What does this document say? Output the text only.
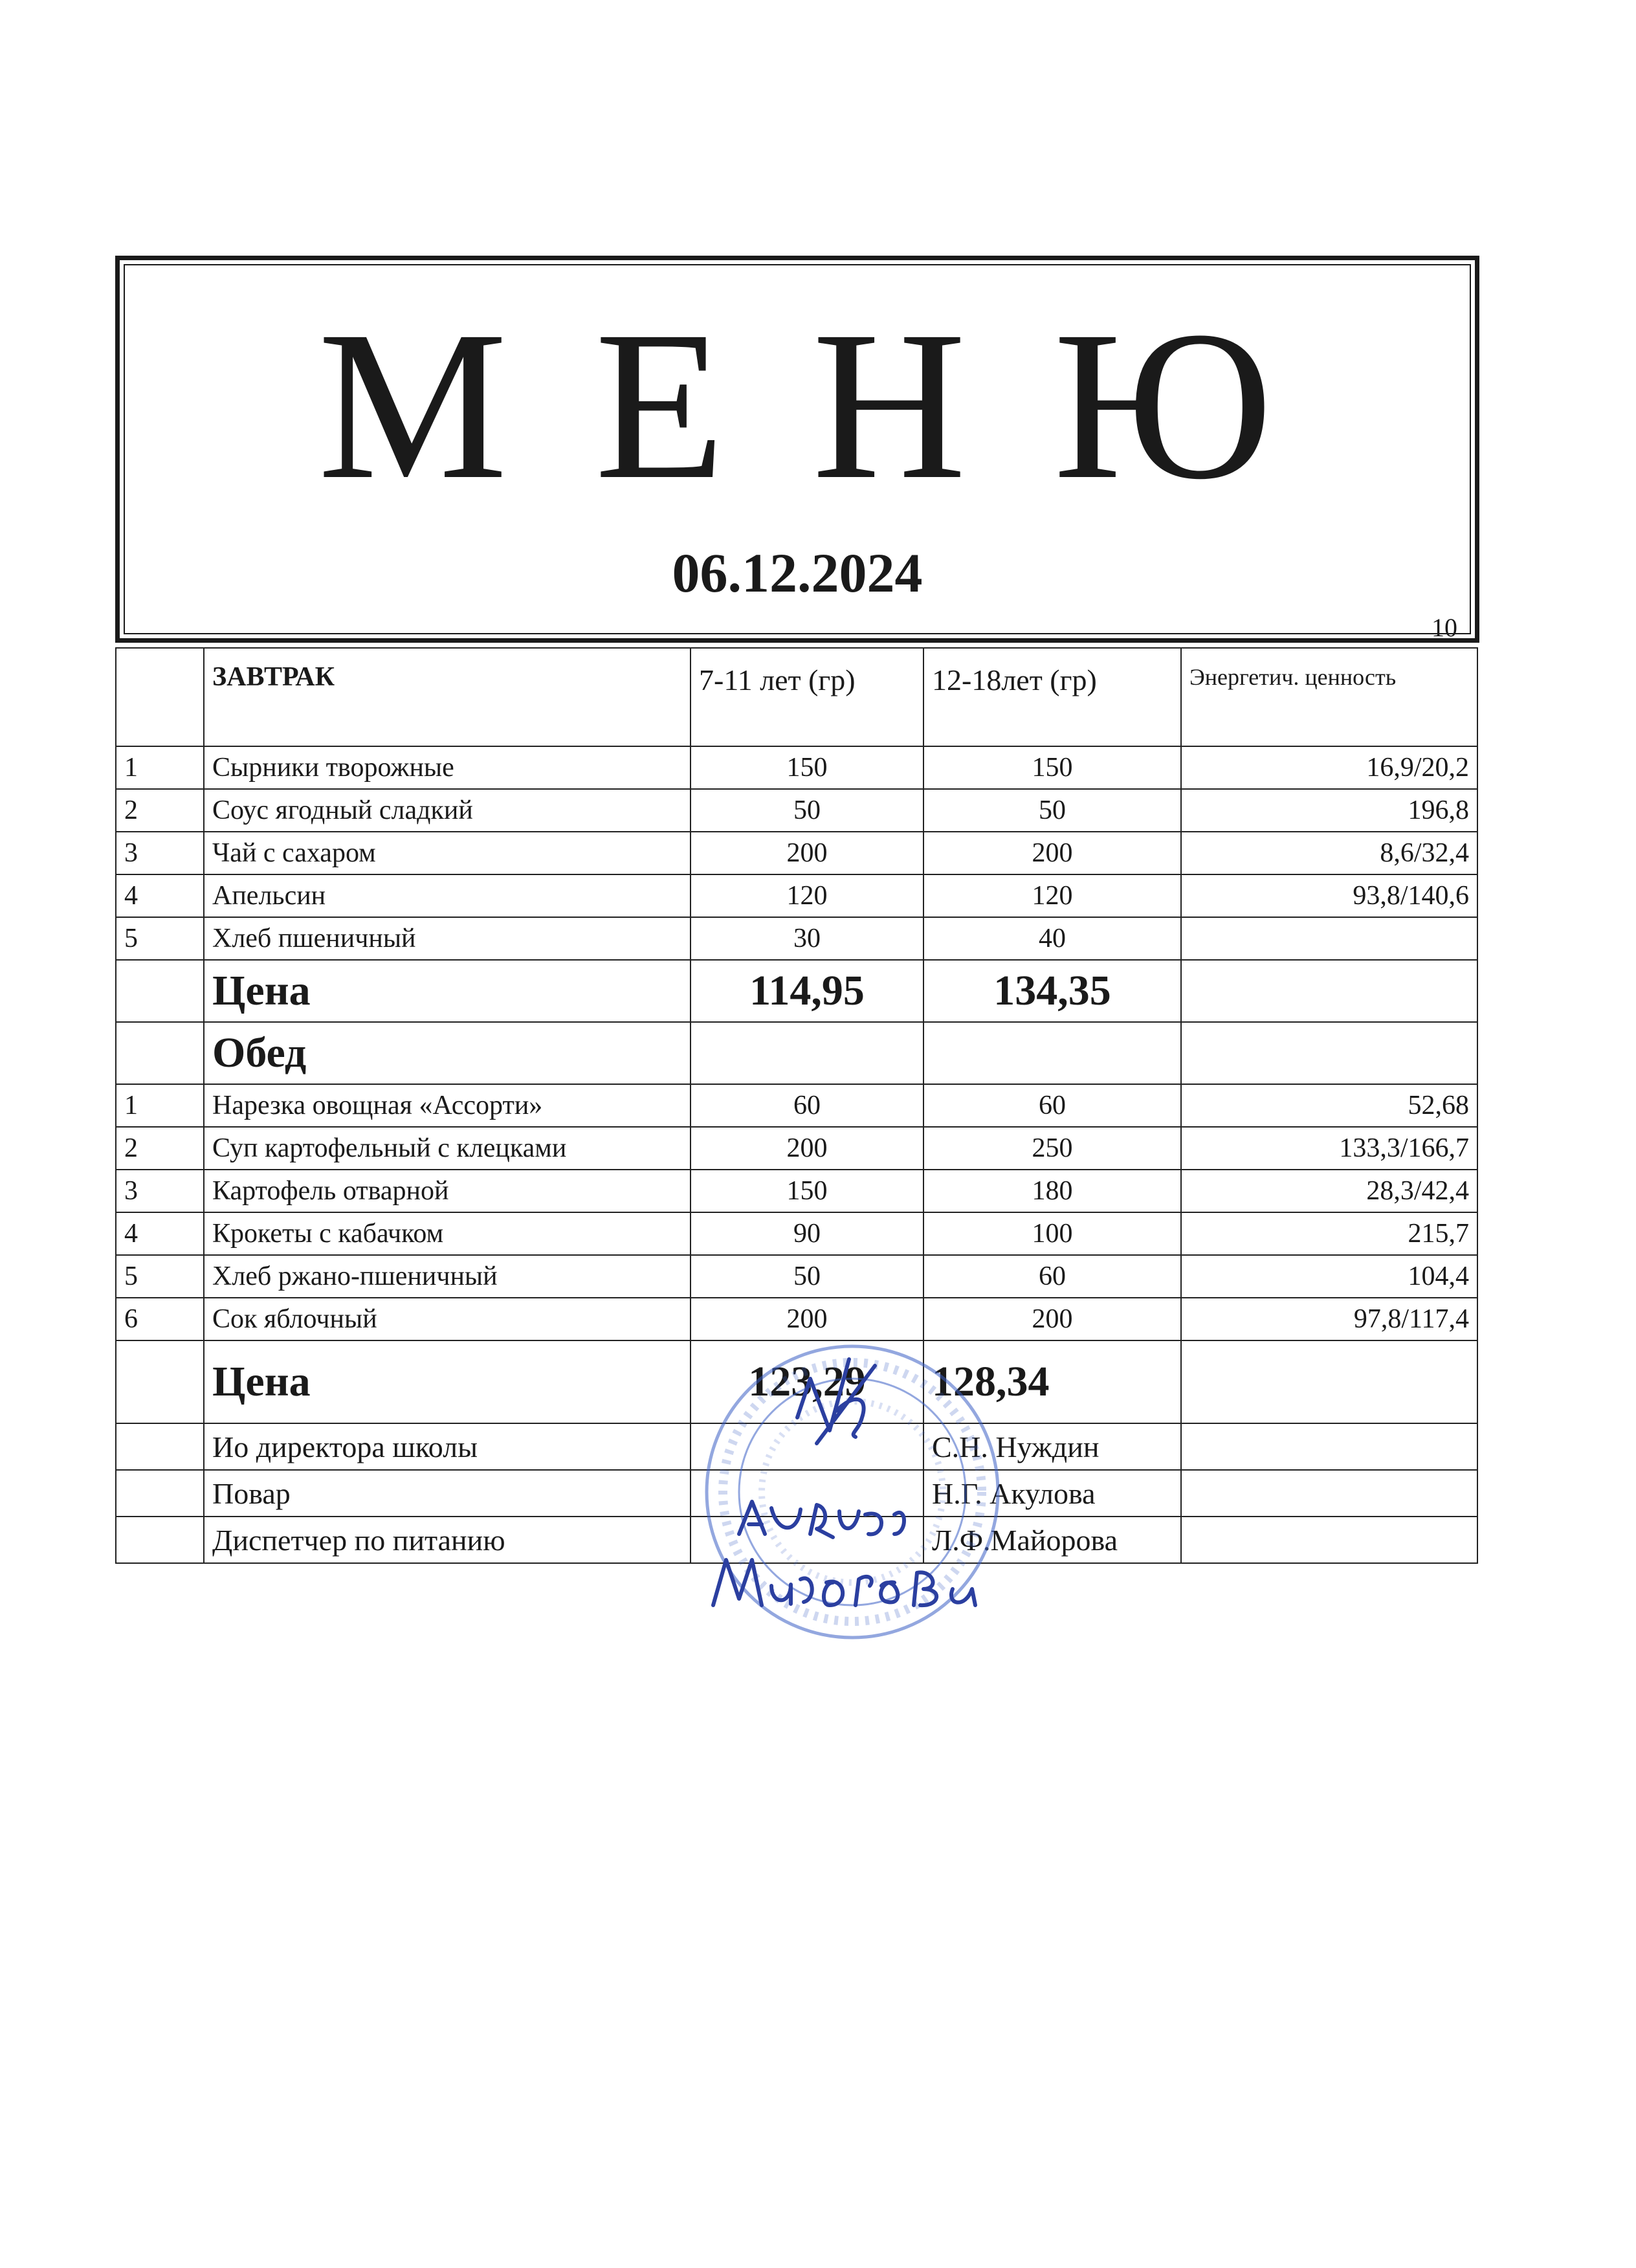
М Е Н Ю
06.12.2024
10
	ЗАВТРАК	7-11 лет (гр)	12-18лет (гр)	Энергетич. ценность
1	Сырники творожные	150	150	16,9/20,2
2	Соус ягодный сладкий	50	50	196,8
3	Чай с сахаром	200	200	8,6/32,4
4	Апельсин	120	120	93,8/140,6
5	Хлеб пшеничный	30	40	
	Цена	114,95	134,35	
	Обед			
1	Нарезка овощная «Ассорти»	60	60	52,68
2	Суп картофельный с клецками	200	250	133,3/166,7
3	Картофель отварной	150	180	28,3/42,4
4	Крокеты с кабачком	90	100	215,7
5	Хлеб ржано-пшеничный	50	60	104,4
6	Сок яблочный	200	200	97,8/117,4
	Цена	123,29	128,34	
	Ио директора школы		С.Н. Нуждин	
	Повар		Н.Г. Акулова	
	Диспетчер по питанию		Л.Ф.Майорова	
